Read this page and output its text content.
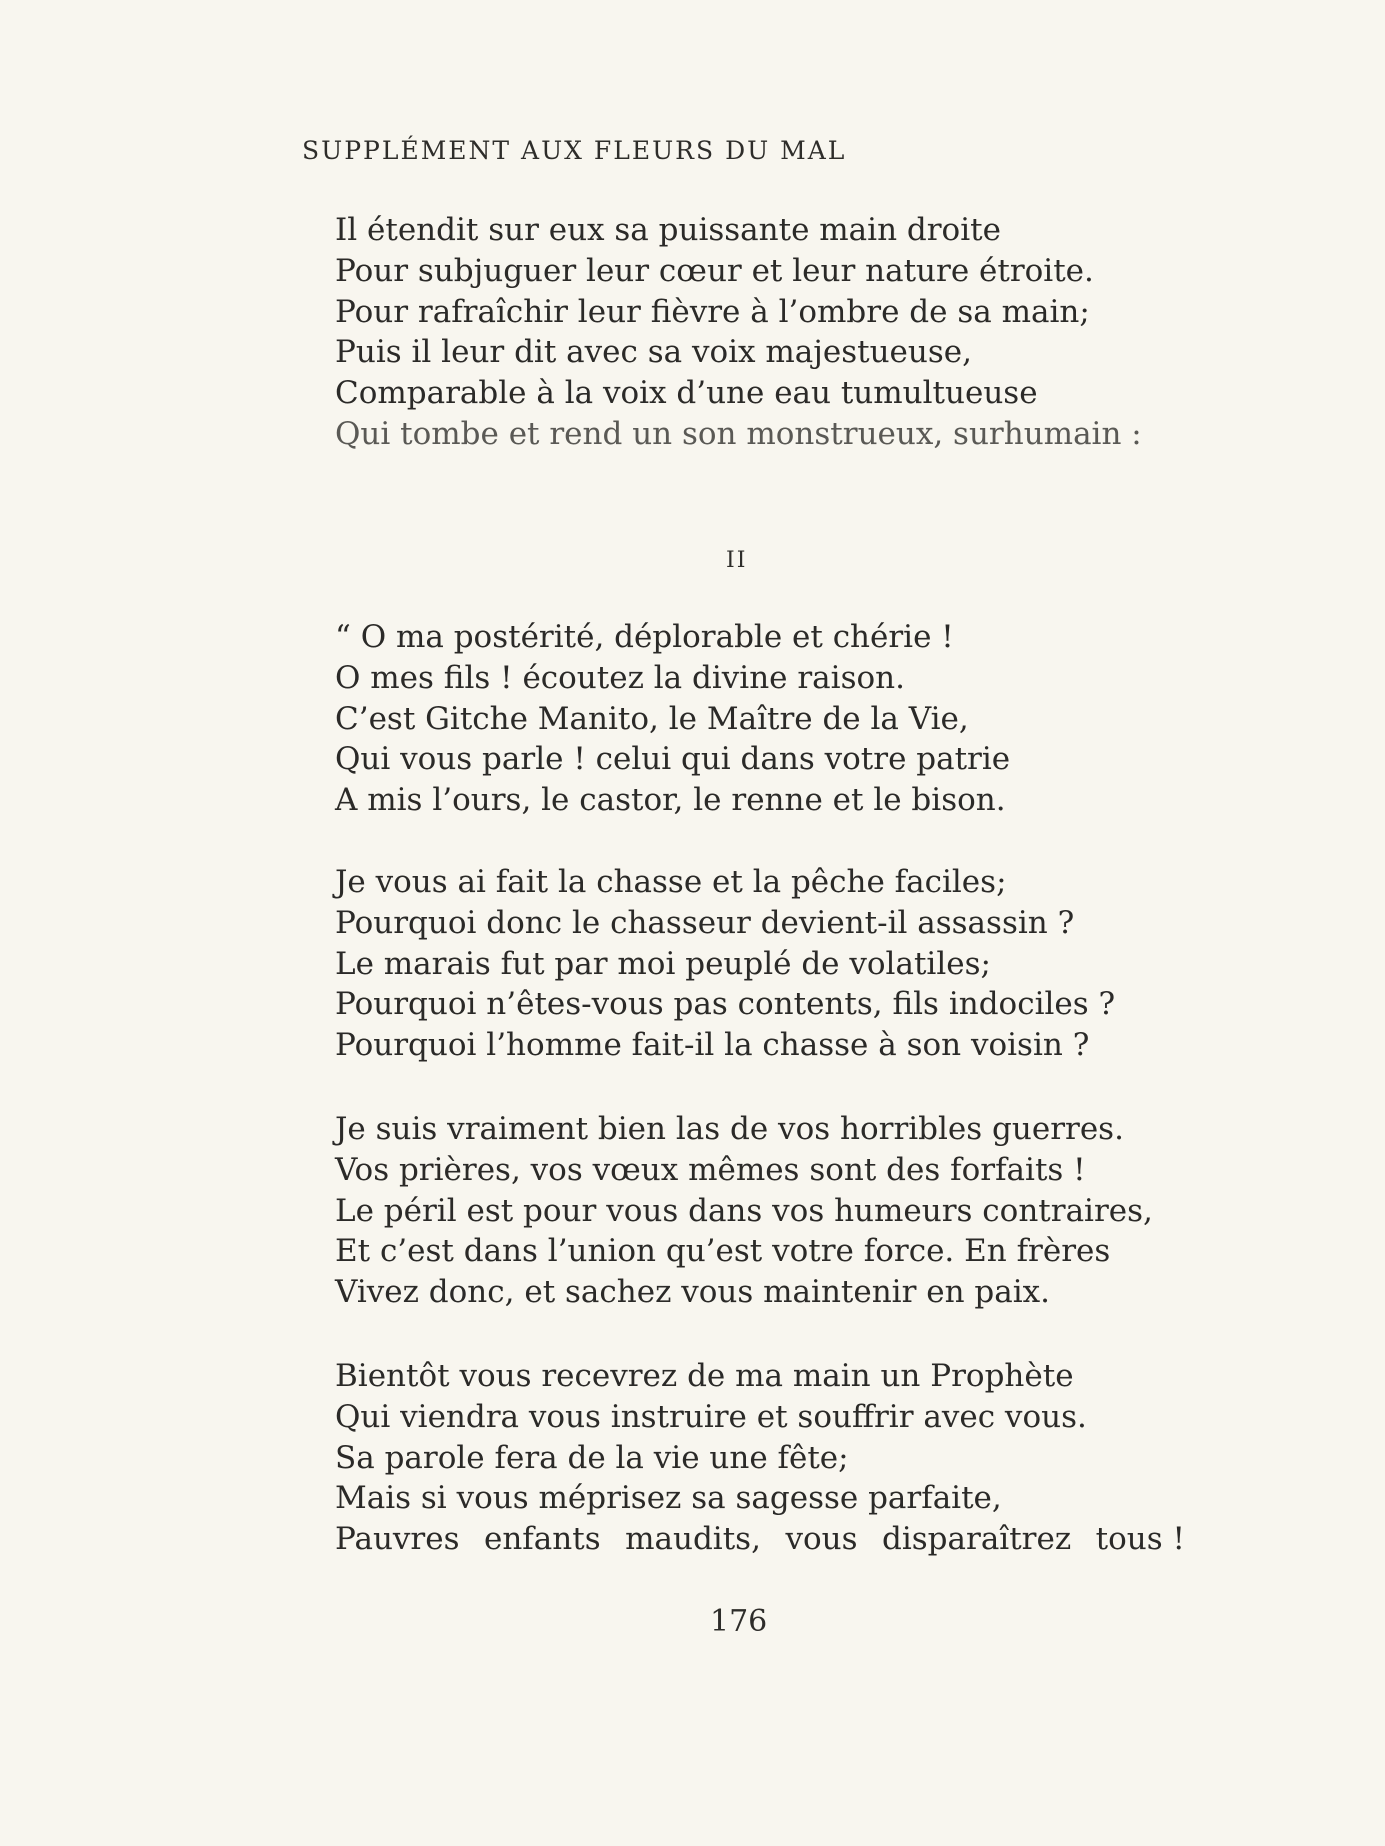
SUPPLÉMENT AUX FLEURS DU MAL
Il étendit sur eux sa puissante main droite
Pour subjuguer leur cœur et leur nature étroite.
Pour rafraîchir leur fièvre à l’ombre de sa main;
Puis il leur dit avec sa voix majestueuse,
Comparable à la voix d’une eau tumultueuse
Qui tombe et rend un son monstrueux, surhumain :
II
“ O ma postérité, déplorable et chérie !
O mes fils ! écoutez la divine raison.
C’est Gitche Manito, le Maître de la Vie,
Qui vous parle ! celui qui dans votre patrie
A mis l’ours, le castor, le renne et le bison.
Je vous ai fait la chasse et la pêche faciles;
Pourquoi donc le chasseur devient-il assassin ?
Le marais fut par moi peuplé de volatiles;
Pourquoi n’êtes-vous pas contents, fils indociles ?
Pourquoi l’homme fait-il la chasse à son voisin ?
Je suis vraiment bien las de vos horribles guerres.
Vos prières, vos vœux mêmes sont des forfaits !
Le péril est pour vous dans vos humeurs contraires,
Et c’est dans l’union qu’est votre force. En frères
Vivez donc, et sachez vous maintenir en paix.
Bientôt vous recevrez de ma main un Prophète
Qui viendra vous instruire et souffrir avec vous.
Sa parole fera de la vie une fête;
Mais si vous méprisez sa sagesse parfaite,
Pauvres enfants maudits, vous disparaîtrez tous !
176
